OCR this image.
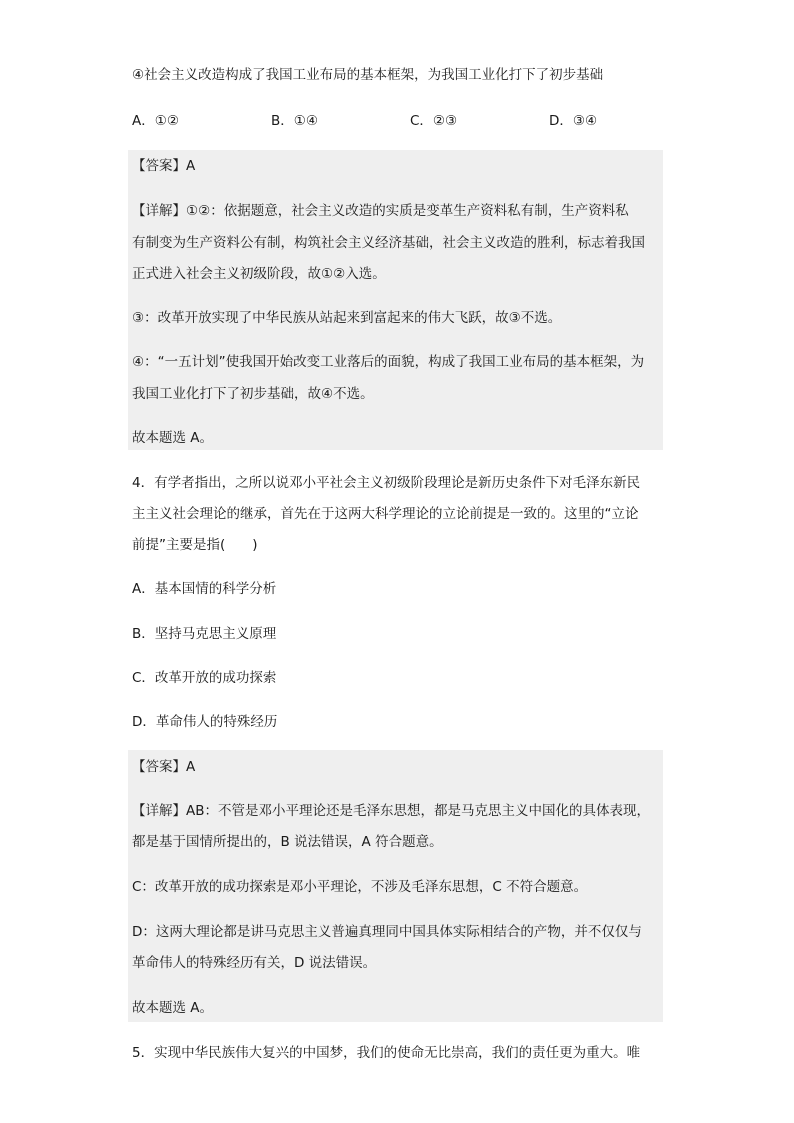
④社会主义改造构成了我国工业布局的基本框架，为我国工业化打下了初步基础
A．①②	B．①④	C．②③	D．③④
【答案】A
【详解】①②：依据题意，社会主义改造的实质是变革生产资料私有制，生产资料私
有制变为生产资料公有制，构筑社会主义经济基础，社会主义改造的胜利，标志着我国
正式进入社会主义初级阶段，故①②入选。
③：改革开放实现了中华民族从站起来到富起来的伟大飞跃，故③不选。
④：“一五计划”使我国开始改变工业落后的面貌，构成了我国工业布局的基本框架，为
我国工业化打下了初步基础，故④不选。
故本题选 A。
4．有学者指出，之所以说邓小平社会主义初级阶段理论是新历史条件下对毛泽东新民
主主义社会理论的继承，首先在于这两大科学理论的立论前提是一致的。这里的“立论
前提”主要是指(　　)
A．基本国情的科学分析
B．坚持马克思主义原理
C．改革开放的成功探索
D．革命伟人的特殊经历
【答案】A
【详解】AB：不管是邓小平理论还是毛泽东思想，都是马克思主义中国化的具体表现，
都是基于国情所提出的，B 说法错误，A 符合题意。
C：改革开放的成功探索是邓小平理论，不涉及毛泽东思想，C 不符合题意。
D：这两大理论都是讲马克思主义普遍真理同中国具体实际相结合的产物，并不仅仅与
革命伟人的特殊经历有关，D 说法错误。
故本题选 A。
5．实现中华民族伟大复兴的中国梦，我们的使命无比崇高，我们的责任更为重大。唯
